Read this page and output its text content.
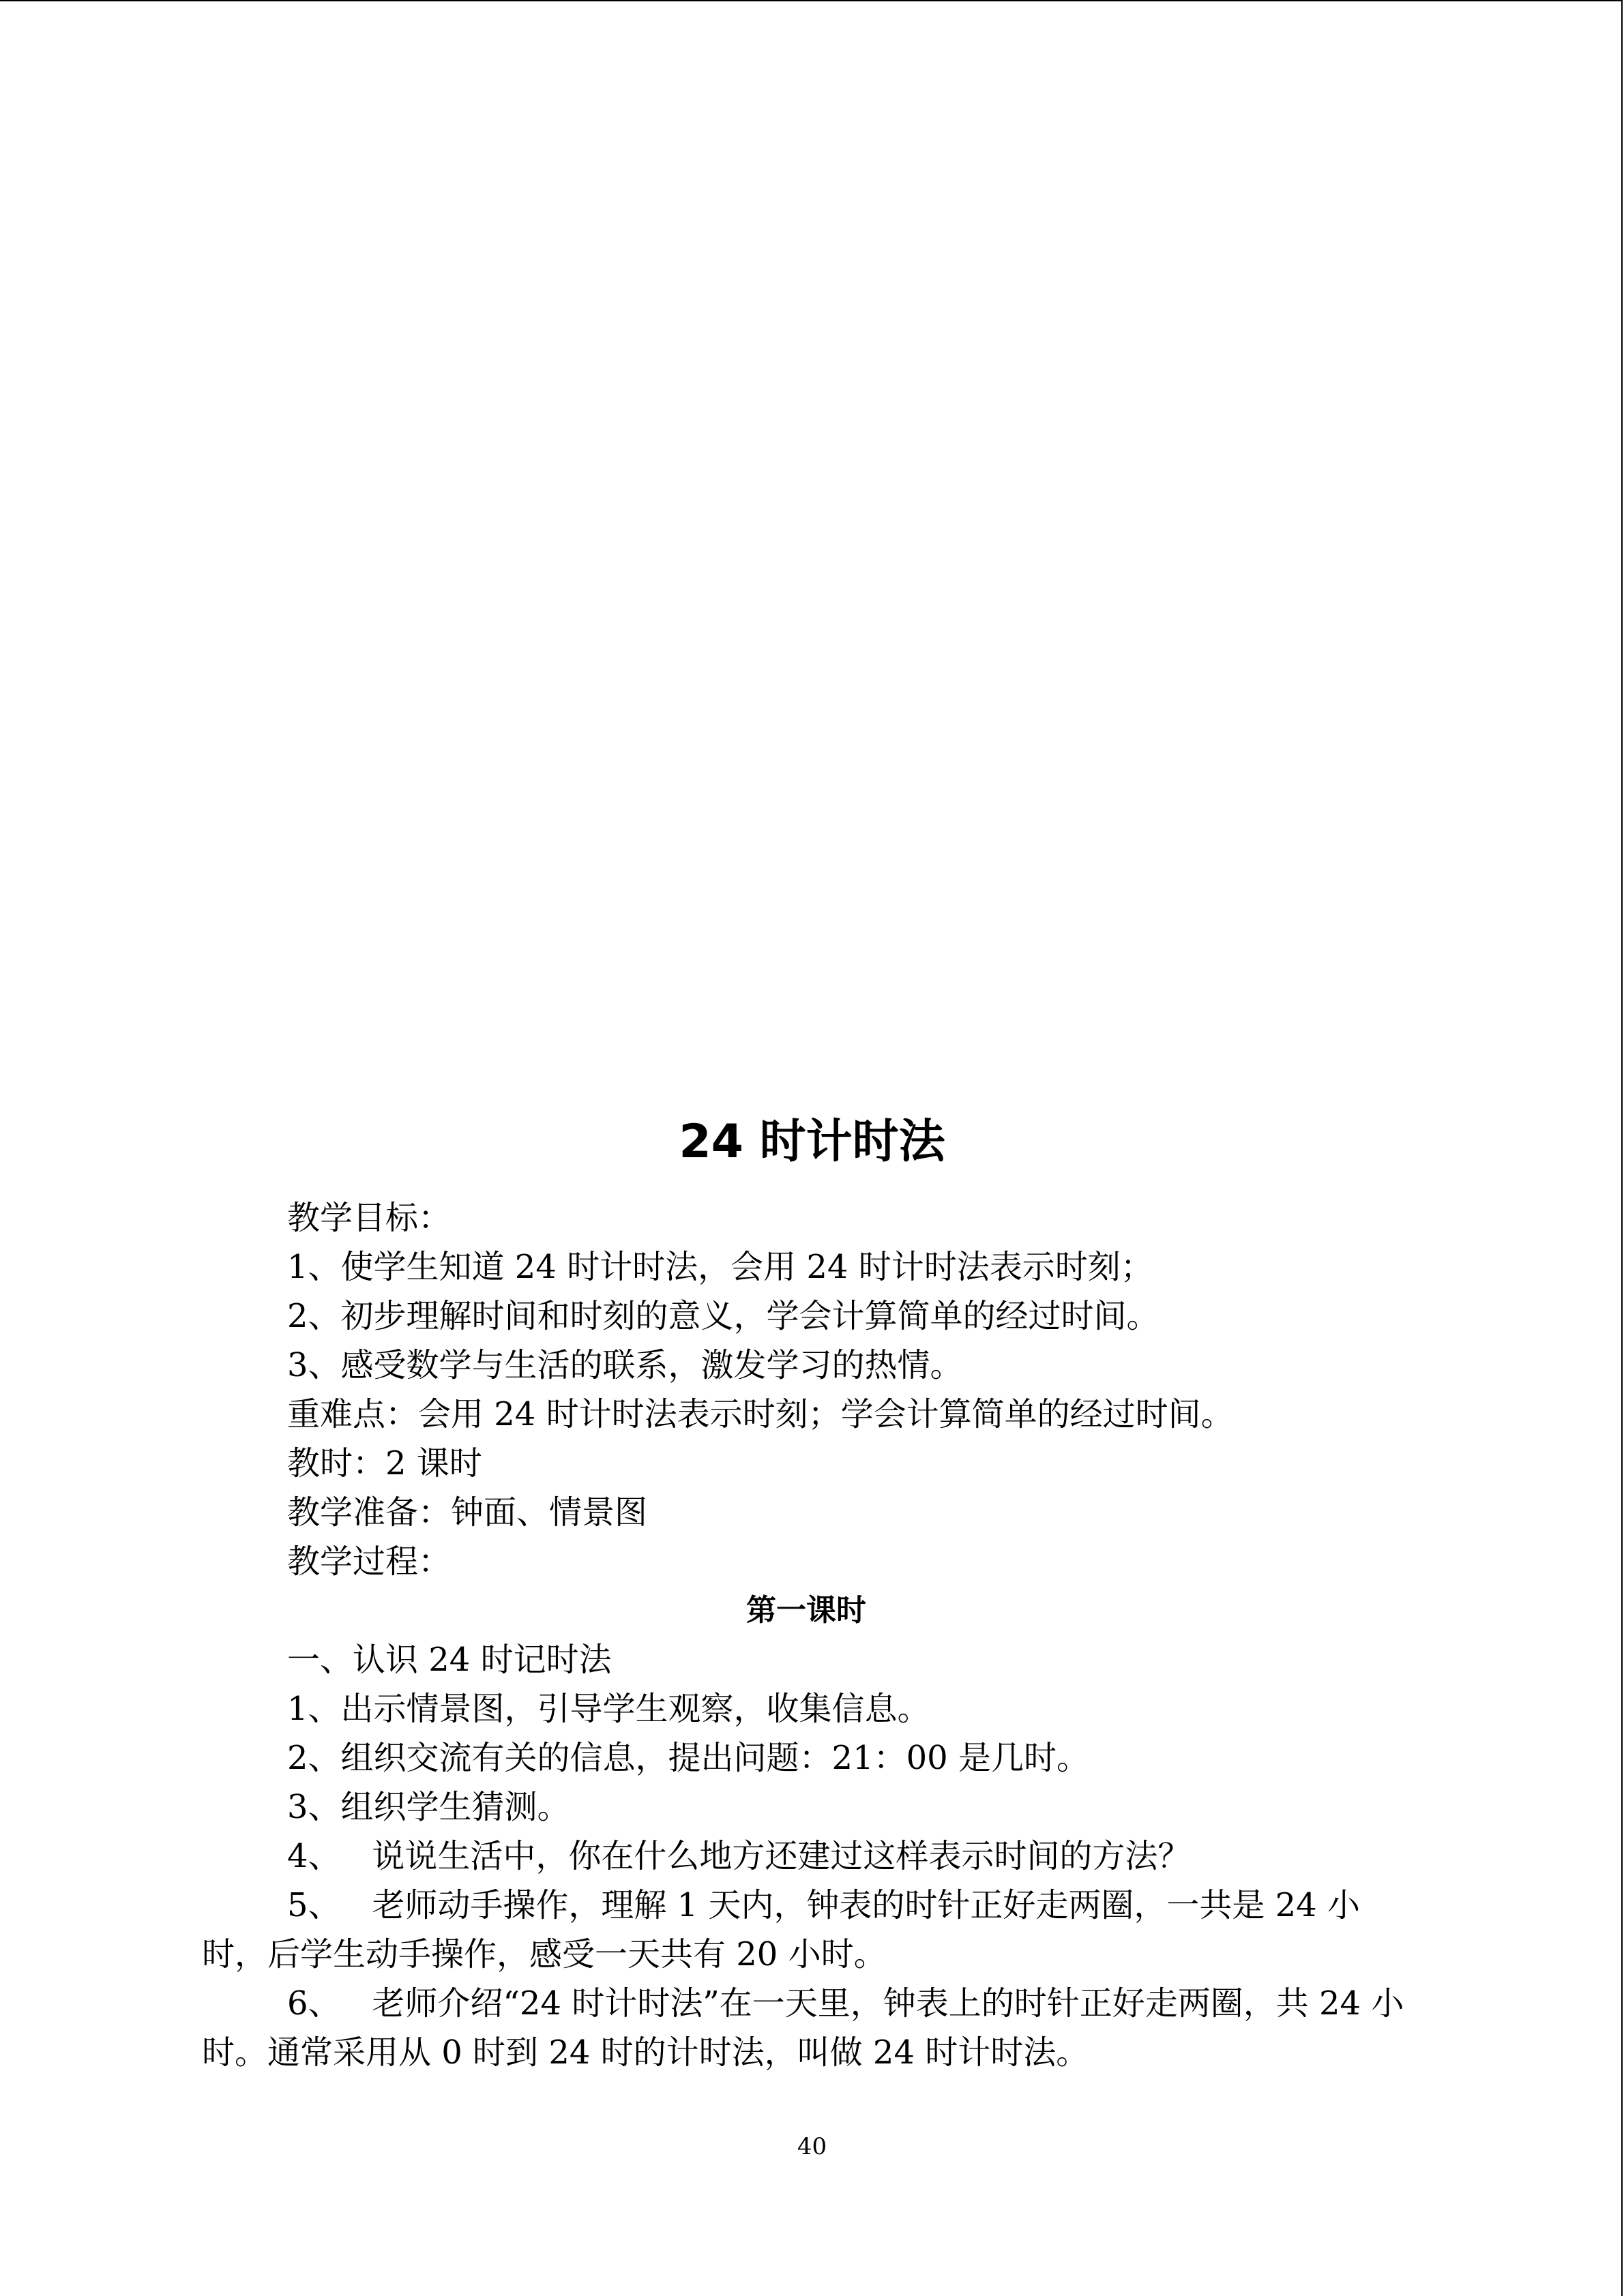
24 时计时法

教学目标：

1、使学生知道 24 时计时法，会用 24 时计时法表示时刻；

2、初步理解时间和时刻的意义，学会计算简单的经过时间。

3、感受数学与生活的联系，激发学习的热情。

重难点：会用 24 时计时法表示时刻；学会计算简单的经过时间。

教时：2 课时

教学准备：钟面、情景图

教学过程：

第一课时

一、认识 24 时记时法

1、出示情景图，引导学生观察，收集信息。

2、组织交流有关的信息，提出问题：21：00 是几时。

3、组织学生猜测。

4、   说说生活中，你在什么地方还建过这样表示时间的方法？

5、   老师动手操作，理解 1 天内，钟表的时针正好走两圈，一共是 24 小时，后学生动手操作，感受一天共有 20 小时。

6、   老师介绍“24 时计时法”在一天里，钟表上的时针正好走两圈，共 24 小时。通常采用从 0 时到 24 时的计时法，叫做 24 时计时法。

40
